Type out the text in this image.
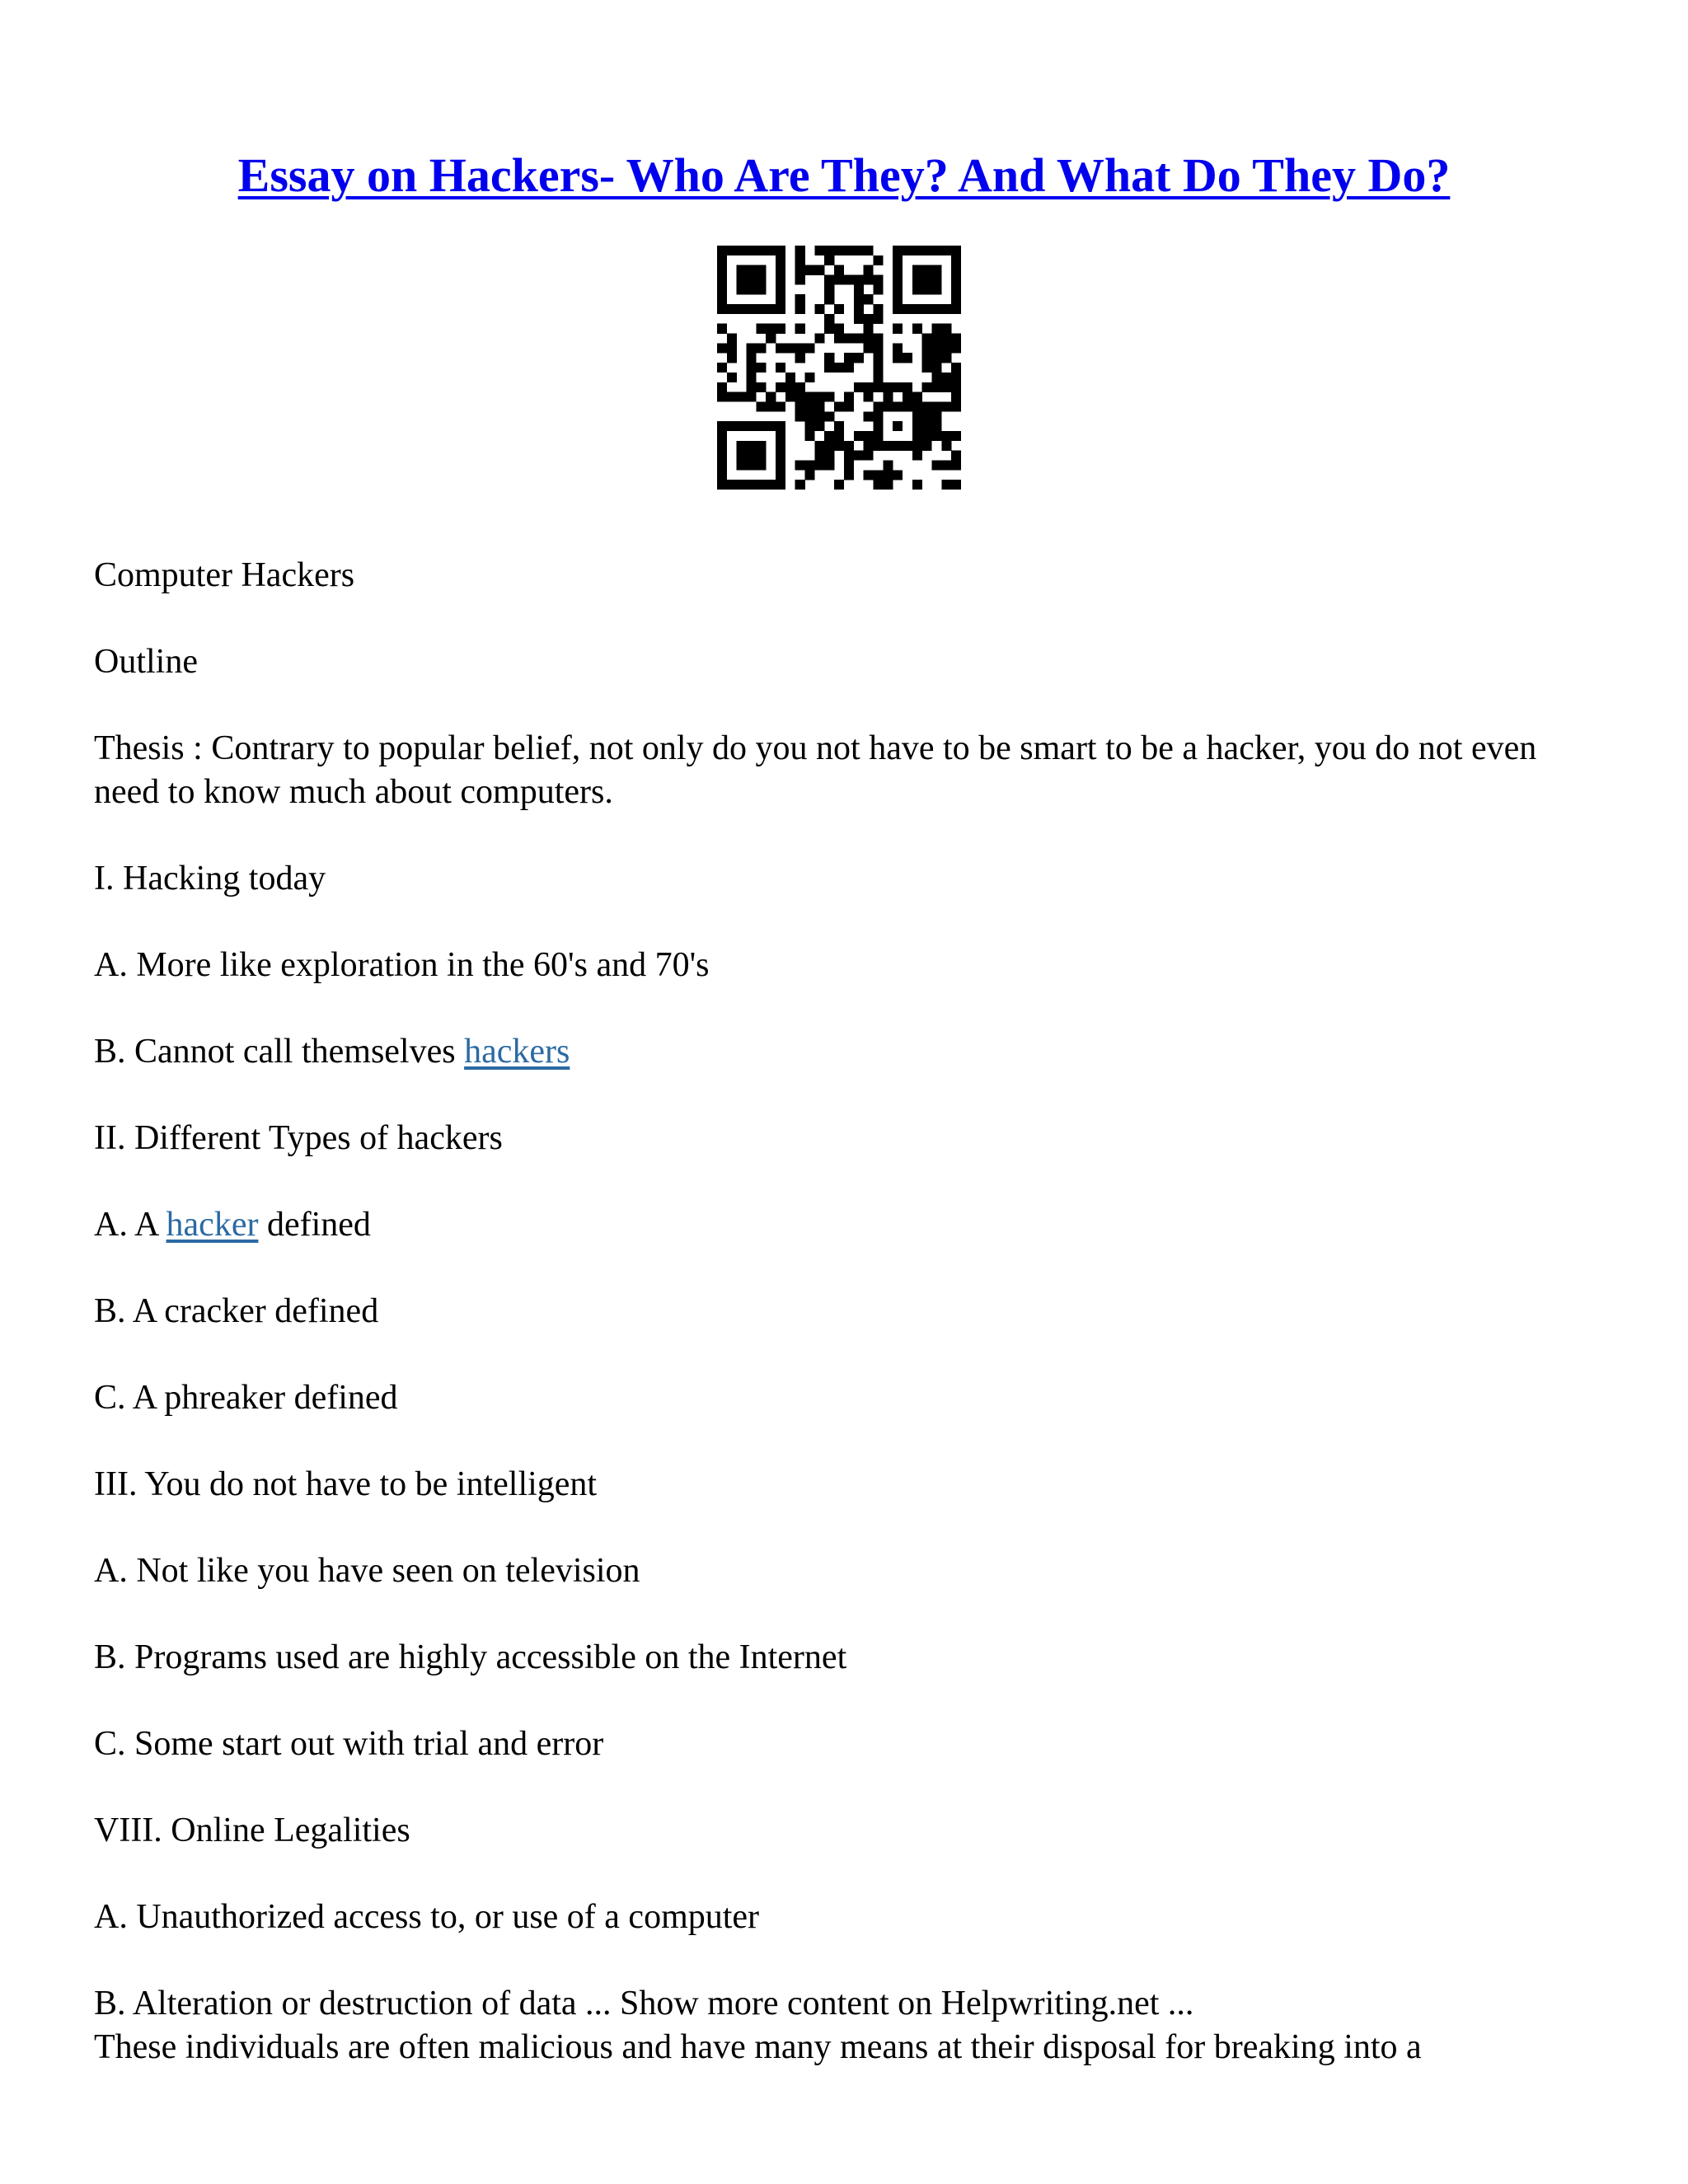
Essay on Hackers- Who Are They? And What Do They Do?

Computer Hackers

Outline

Thesis : Contrary to popular belief, not only do you not have to be smart to be a hacker, you do not even need to know much about computers.

I. Hacking today

A. More like exploration in the 60's and 70's

B. Cannot call themselves hackers

II. Different Types of hackers

A. A hacker defined

B. A cracker defined

C. A phreaker defined

III. You do not have to be intelligent

A. Not like you have seen on television

B. Programs used are highly accessible on the Internet

C. Some start out with trial and error

VIII. Online Legalities

A. Unauthorized access to, or use of a computer

B. Alteration or destruction of data ... Show more content on Helpwriting.net ...

These individuals are often malicious and have many means at their disposal for breaking into a
